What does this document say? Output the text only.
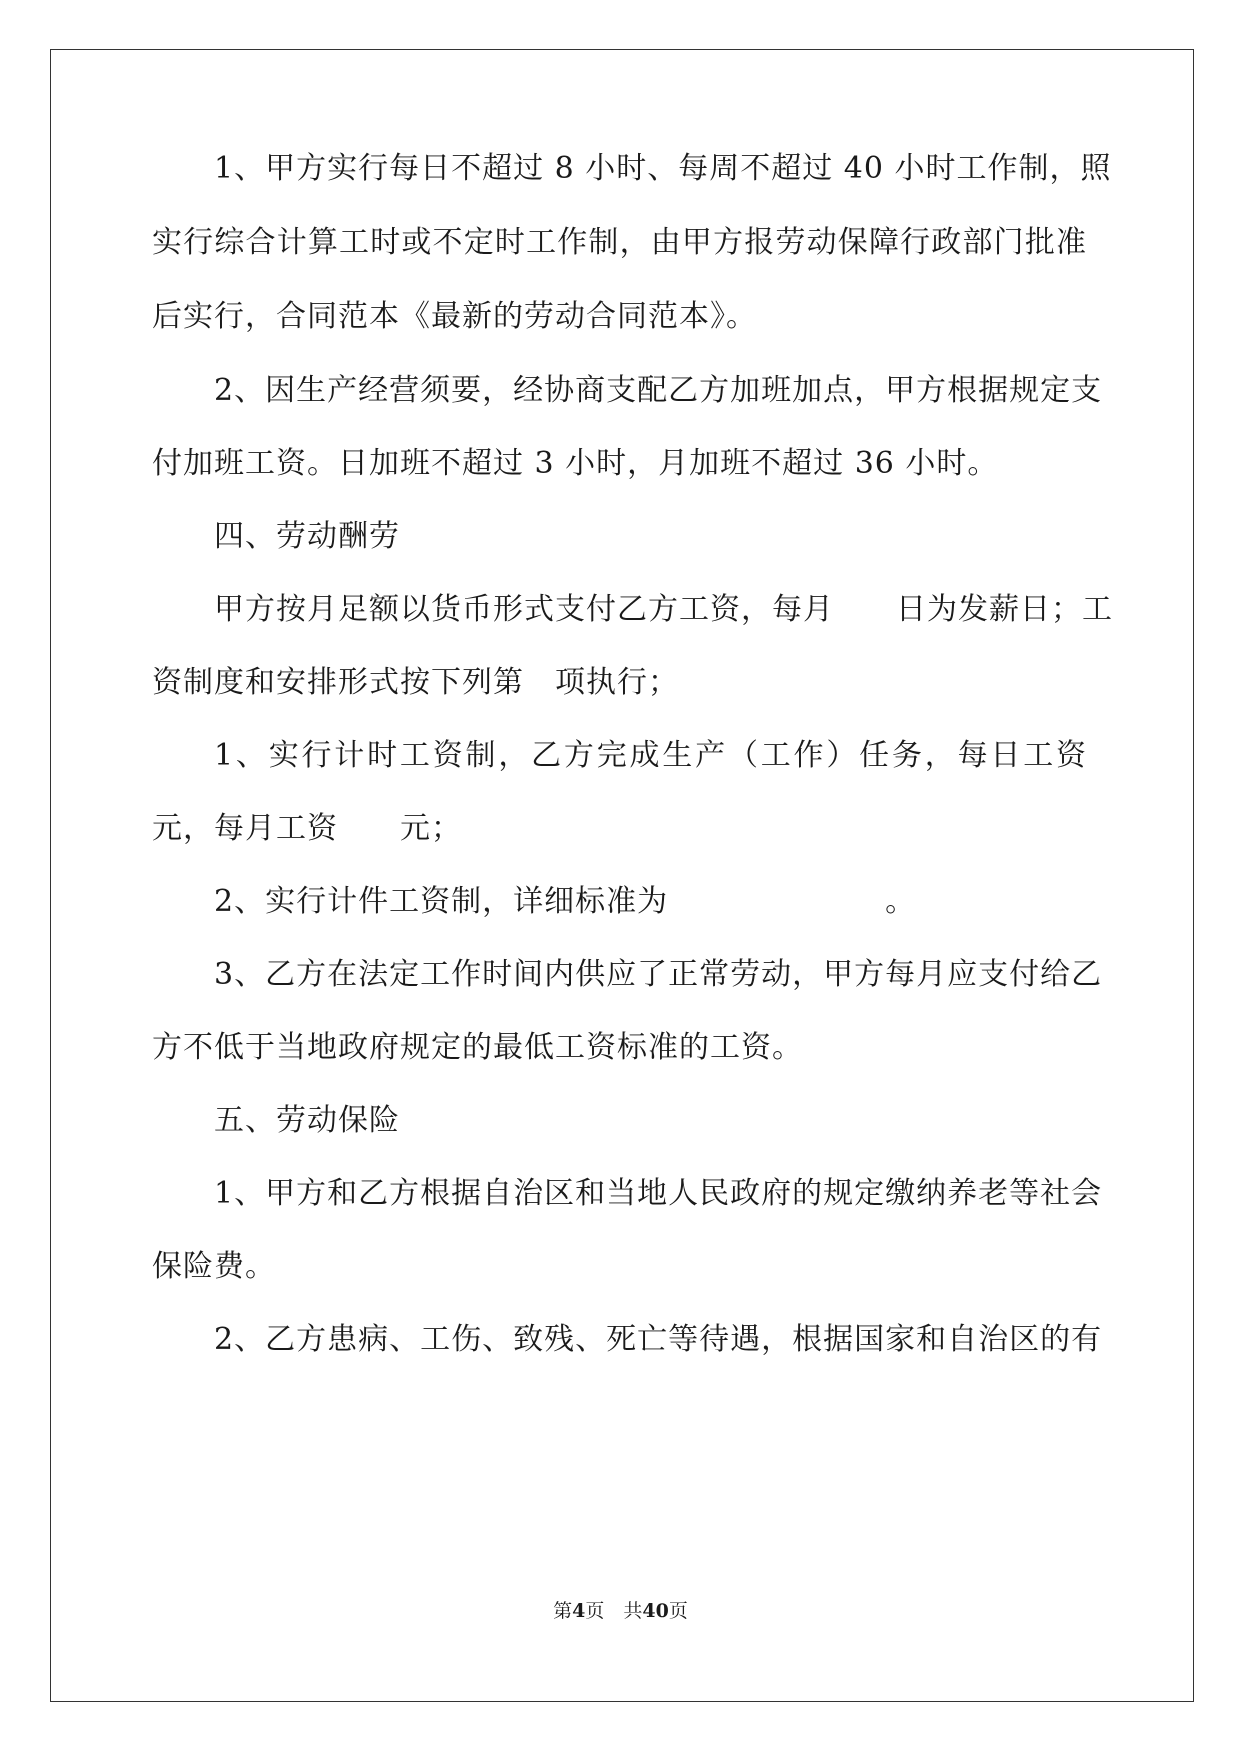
1、甲方实行每日不超过 8 小时、每周不超过 40 小时工作制，照
实行综合计算工时或不定时工作制，由甲方报劳动保障行政部门批准
后实行，合同范本《最新的劳动合同范本》。
2、因生产经营须要，经协商支配乙方加班加点，甲方根据规定支
付加班工资。日加班不超过 3 小时，月加班不超过 36 小时。
四、劳动酬劳
甲方按月足额以货币形式支付乙方工资，每月　　日为发薪日；工
资制度和安排形式按下列第　项执行；
1、实行计时工资制，乙方完成生产（工作）任务，每日工资
元，每月工资　　元；
2、实行计件工资制，详细标准为　　　　　　　。
3、乙方在法定工作时间内供应了正常劳动，甲方每月应支付给乙
方不低于当地政府规定的最低工资标准的工资。
五、劳动保险
1、甲方和乙方根据自治区和当地人民政府的规定缴纳养老等社会
保险费。
2、乙方患病、工伤、致残、死亡等待遇，根据国家和自治区的有
第4页　共40页
